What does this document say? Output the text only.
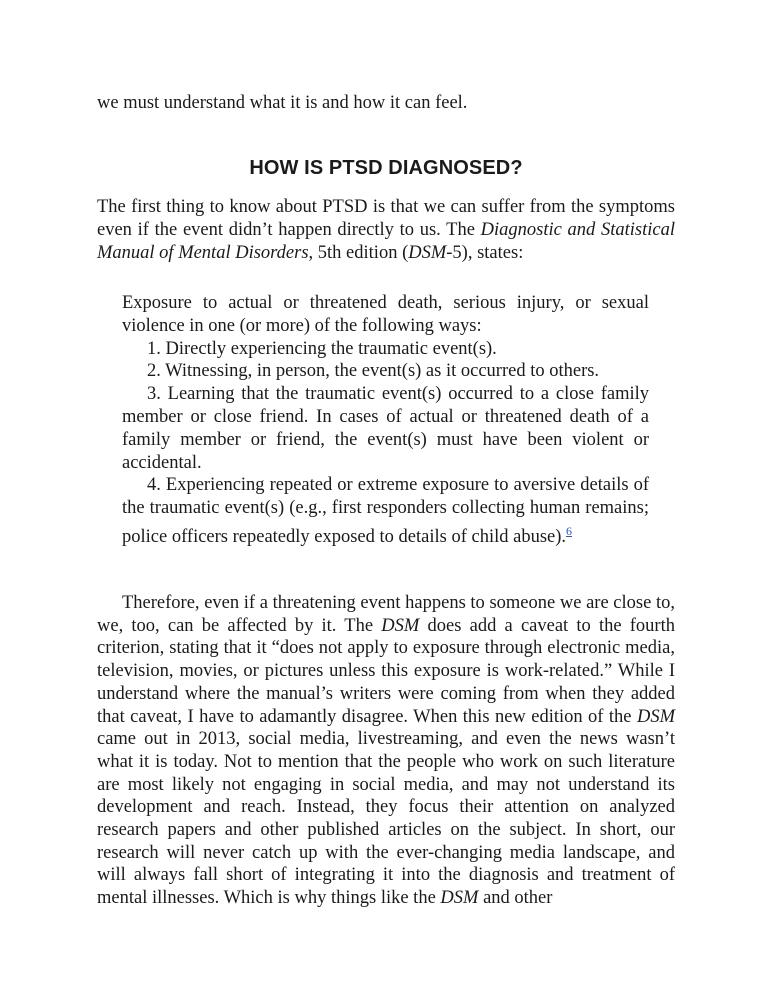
we must understand what it is and how it can feel.

HOW IS PTSD DIAGNOSED?

The first thing to know about PTSD is that we can suffer from the symptoms even if the event didn’t happen directly to us. The Diagnostic and Statistical Manual of Mental Disorders, 5th edition (DSM-5), states:

Exposure to actual or threatened death, serious injury, or sexual violence in one (or more) of the following ways:

1. Directly experiencing the traumatic event(s).

2. Witnessing, in person, the event(s) as it occurred to others.

3. Learning that the traumatic event(s) occurred to a close family member or close friend. In cases of actual or threatened death of a family member or friend, the event(s) must have been violent or accidental.

4. Experiencing repeated or extreme exposure to aversive details of the traumatic event(s) (e.g., first responders collecting human remains; police officers repeatedly exposed to details of child abuse).$^6$

Therefore, even if a threatening event happens to someone we are close to, we, too, can be affected by it. The DSM does add a caveat to the fourth criterion, stating that it “does not apply to exposure through electronic media, television, movies, or pictures unless this exposure is work-related.” While I understand where the manual’s writers were coming from when they added that caveat, I have to adamantly disagree. When this new edition of the DSM came out in 2013, social media, livestreaming, and even the news wasn’t what it is today. Not to mention that the people who work on such literature are most likely not engaging in social media, and may not understand its development and reach. Instead, they focus their attention on analyzed research papers and other published articles on the subject. In short, our research will never catch up with the ever-changing media landscape, and will always fall short of integrating it into the diagnosis and treatment of mental illnesses. Which is why things like the DSM and other
